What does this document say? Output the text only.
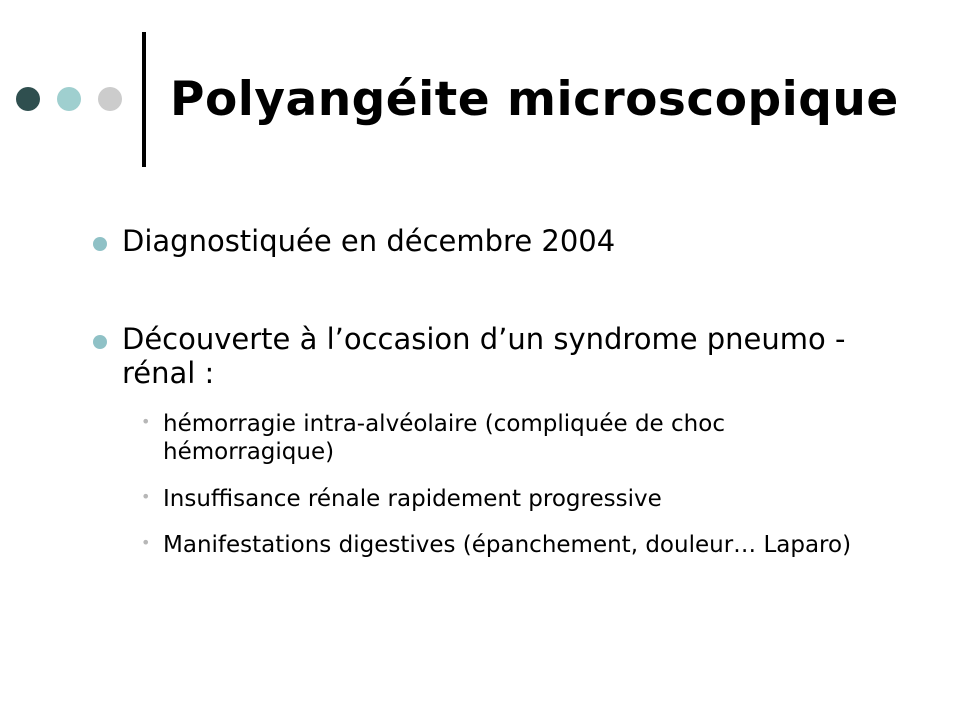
Polyangéite microscopique
Diagnostiquée en décembre 2004
Découverte à l’occasion d’un syndrome pneumo - rénal :
• hémorragie intra-alvéolaire (compliquée de choc hémorragique)
• Insuffisance rénale rapidement progressive
• Manifestations digestives (épanchement, douleur… Laparo)
